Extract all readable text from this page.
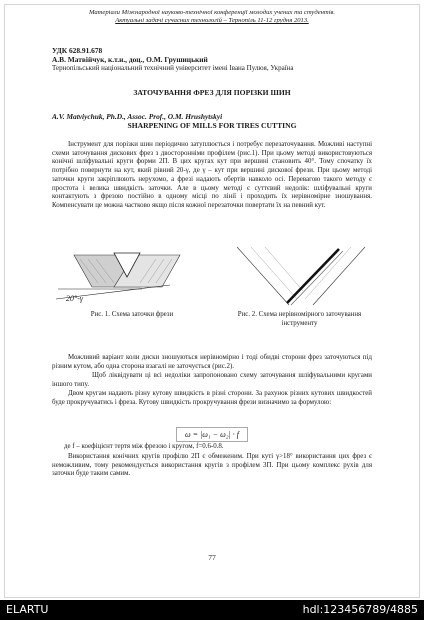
Матеріали Міжнародної науково-технічної конференції молодих учених та студентів.
Актуальні задачі сучасних технологій – Тернопіль 11-12 грудня 2013.
УДК 628.91.678
А.В. Матвійчук, к.т.н., доц., О.М. Грушицький
Тернопільський національний технічний університет імені Івана Пулюя, Україна
ЗАТОЧУВАННЯ ФРЕЗ ДЛЯ ПОРІЗКИ ШИН
A.V. Matviychuk, Ph.D., Assoc. Prof., O.M. Hrushytskyi
SHARPENING OF MILLS FOR TIRES CUTTING
Інструмент для порізки шин періодично затуплюється і потребує перезаточування. Можливі наступні схеми заточування дискових фрез з двосторонніми профілем (рис.1). При цьому методі використовуються конічні шліфувальні круги форми 2П. В цих кругах кут при вершині становить 40°. Тому спочатку їх потрібно повернути на кут, який рівний 20-γ, де γ – кут при вершині дискової фрези. При цьому методі заточки круги закріплюють нерухомо, а фрезі надають обертів навколо осі. Перевагою такого методу є простота і велика швидкість заточки. Але в цьому методі є суттєвий недолік: шліфувальні круги контактують з фрезою постійно в одному місці по лінії і проходить їх нерівномірне зношування. Компенсувати це можна частково якщо після кожної перезаточки повертати їх на певний кут.
20°-γ
Рис. 1. Схема заточки фрези	Рис. 2. Схема нерівномірного заточування інструменту
Можливий варіант коли диски зношуються нерівномірно і тоді обидві сторони фрез заточуються під різним кутом, або одна сторона взагалі не заточується (рис.2).
Щоб ліквідувати ці всі недоліки запропоновано схему заточування шліфувальними кругами іншого типу.
Двом кругам надають різну кутову швидкість в різні сторони. За рахунок різних кутових швидкостей буде прокручуватись і фреза. Кутову швидкість прокручування фрези визначимо за формулою:
ω = |ω₁ − ω₂| · f
де f – коефіцієнт тертя між фрезою і кругом, f=0.6-0.8.
Використання конічних кругів профілю 2П є обмеженим. При куті γ>18° використання цих фрез є неможливим, тому рекомендується використання кругів з профілем 3П. При цьому комплекс рухів для заточки буде таким самим.
77
ELARTU	hdl:123456789/4885
